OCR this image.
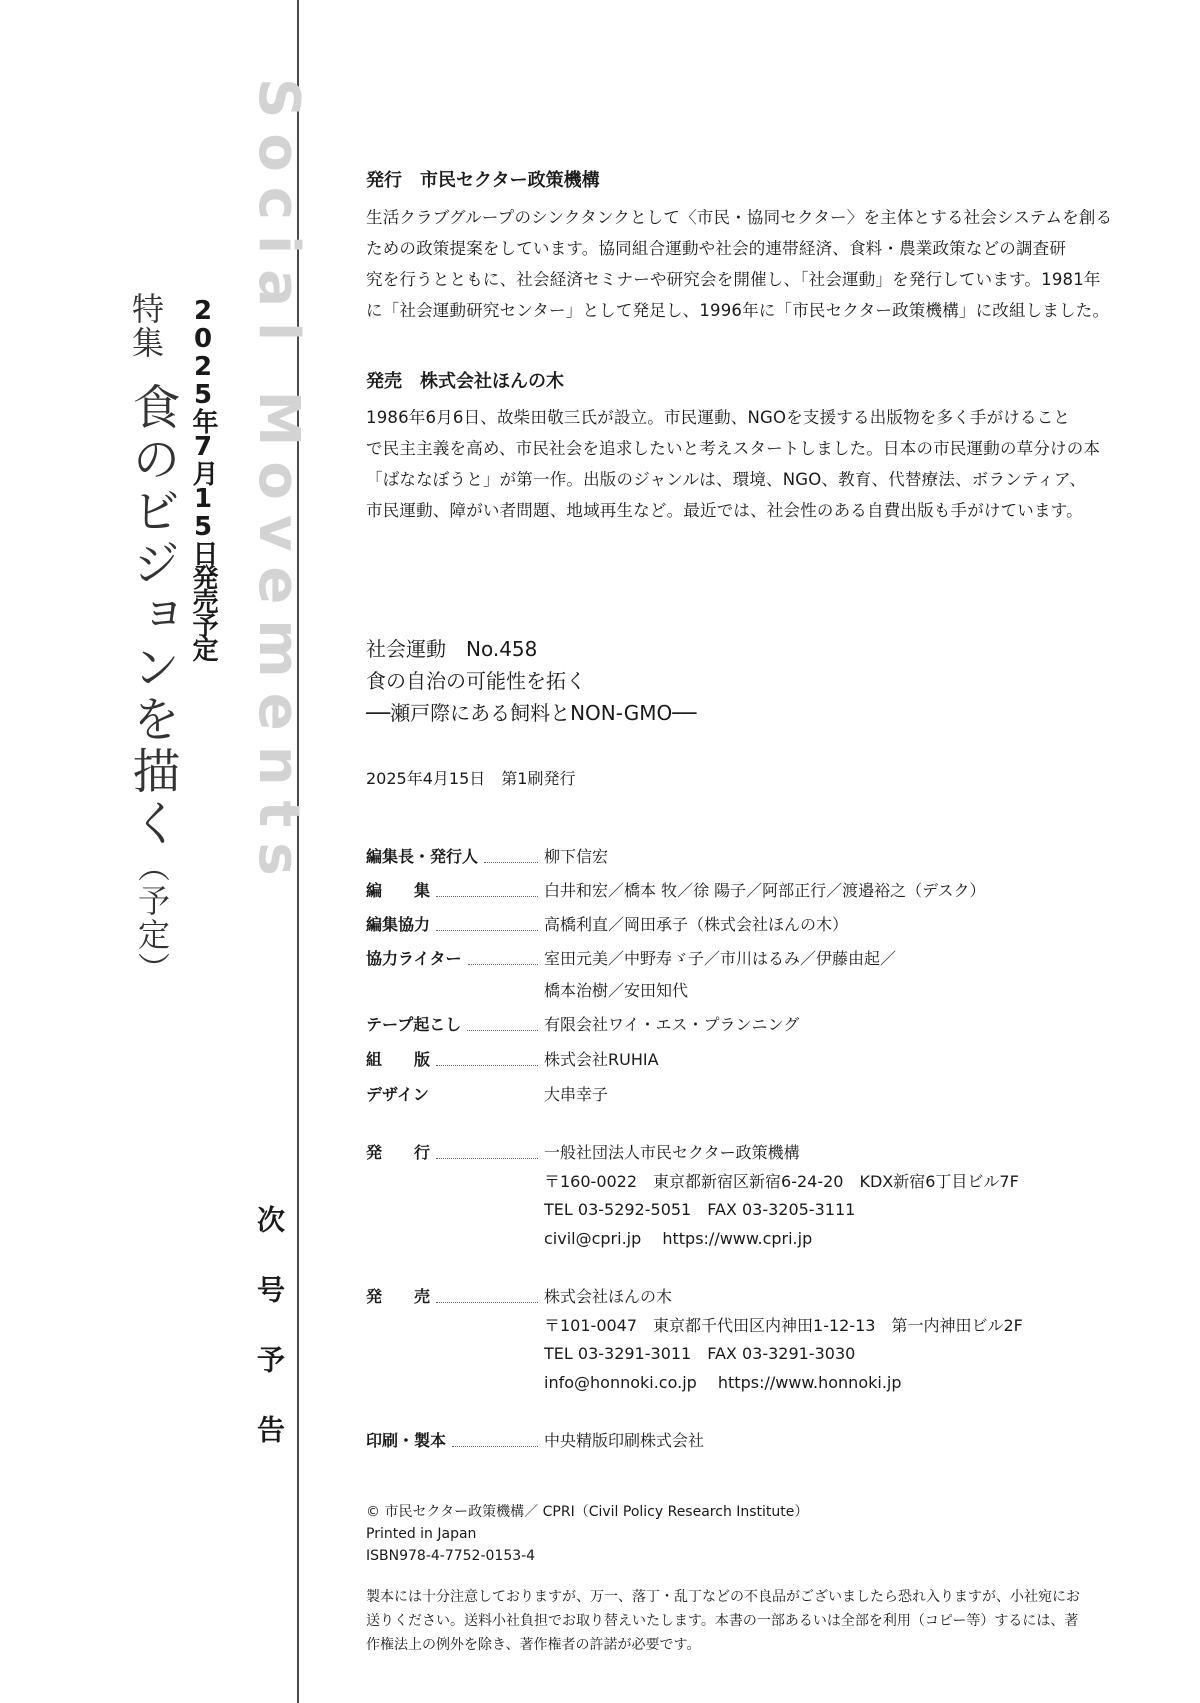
Social Movements
2025年7月15日発売予定
特集
食のビジョンを描く（予定）
次号予告
発行　市民セクター政策機構
生活クラブグループのシンクタンクとして〈市民・協同セクター〉を主体とする社会システムを創る
ための政策提案をしています。協同組合運動や社会的連帯経済、食料・農業政策などの調査研
究を行うとともに、社会経済セミナーや研究会を開催し、「社会運動」を発行しています。1981年
に「社会運動研究センター」として発足し、1996年に「市民セクター政策機構」に改組しました。
発売　株式会社ほんの木
1986年6月6日、故柴田敬三氏が設立。市民運動、NGOを支援する出版物を多く手がけること
で民主主義を高め、市民社会を追求したいと考えスタートしました。日本の市民運動の草分けの本
「ばななぼうと」が第一作。出版のジャンルは、環境、NGO、教育、代替療法、ボランティア、
市民運動、障がい者問題、地域再生など。最近では、社会性のある自費出版も手がけています。
社会運動　No.458
食の自治の可能性を拓く
──瀬戸際にある飼料とNON-GMO──
2025年4月15日　第1刷発行
編集長・発行人	柳下信宏
編　　集	白井和宏／橋本 牧／徐 陽子／阿部正行／渡邉裕之（デスク）
編集協力	高橋利直／岡田承子（株式会社ほんの木）
協力ライター	室田元美／中野寿ゞ子／市川はるみ／伊藤由起／
橋本治樹／安田知代
テープ起こし	有限会社ワイ・エス・プランニング
組　　版	株式会社RUHIA
デザイン	大串幸子
発　　行	一般社団法人市民セクター政策機構
〒160-0022　東京都新宿区新宿6-24-20　KDX新宿6丁目ビル7F
TEL 03-5292-5051　FAX 03-3205-3111
civil@cpri.jp　 https://www.cpri.jp
発　　売	株式会社ほんの木
〒101-0047　東京都千代田区内神田1-12-13　第一内神田ビル2F
TEL 03-3291-3011　FAX 03-3291-3030
info@honnoki.co.jp　 https://www.honnoki.jp
印刷・製本	中央精版印刷株式会社
© 市民セクター政策機構／ CPRI（Civil Policy Research Institute）
Printed in Japan
ISBN978-4-7752-0153-4
製本には十分注意しておりますが、万一、落丁・乱丁などの不良品がございましたら恐れ入りますが、小社宛にお
送りください。送料小社負担でお取り替えいたします。本書の一部あるいは全部を利用（コピー等）するには、著
作権法上の例外を除き、著作権者の許諾が必要です。
